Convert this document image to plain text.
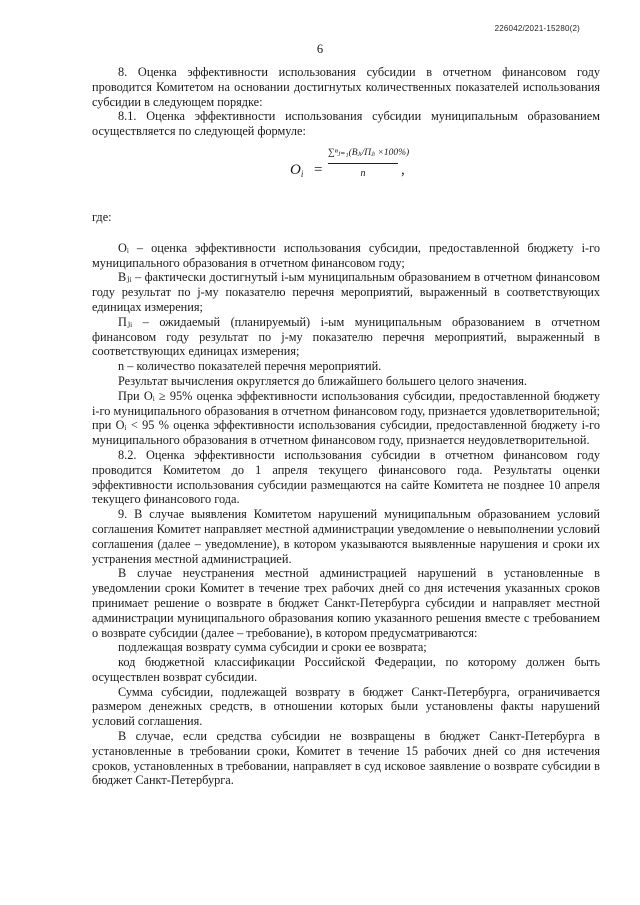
226042/2021-15280(2)
6

8. Оценка эффективности использования субсидии в отчетном финансовом году проводится Комитетом на основании достигнутых количественных показателей использования субсидии в следующем порядке:

8.1. Оценка эффективности использования субсидии муниципальным образованием осуществляется по следующей формуле:

$O_i$ =
∑ⁿⱼ₌₁(Bⱼᵢ/Пⱼᵢ ×100%)
n	,

где:

Оᵢ – оценка эффективности использования субсидии, предоставленной бюджету i-го муниципального образования в отчетном финансовом году;

Вⱼᵢ – фактически достигнутый i-ым муниципальным образованием в отчетном финансовом году результат по j-му показателю перечня мероприятий, выраженный в соответствующих единицах измерения;

Пⱼᵢ – ожидаемый (планируемый) i-ым муниципальным образованием в отчетном финансовом году результат по j-му показателю перечня мероприятий, выраженный в соответствующих единицах измерения;

n – количество показателей перечня мероприятий.

Результат вычисления округляется до ближайшего большего целого значения.

При Оᵢ ≥ 95% оценка эффективности использования субсидии, предоставленной бюджету i-го муниципального образования в отчетном финансовом году, признается удовлетворительной; при Оᵢ < 95 % оценка эффективности использования субсидии, предоставленной бюджету i-го муниципального образования в отчетном финансовом году, признается неудовлетворительной.

8.2. Оценка эффективности использования субсидии в отчетном финансовом году проводится Комитетом до 1 апреля текущего финансового года. Результаты оценки эффективности использования субсидии размещаются на сайте Комитета не позднее 10 апреля текущего финансового года.

9. В случае выявления Комитетом нарушений муниципальным образованием условий соглашения Комитет направляет местной администрации уведомление о невыполнении условий соглашения (далее – уведомление), в котором указываются выявленные нарушения и сроки их устранения местной администрацией.

В случае неустранения местной администрацией нарушений в установленные в уведомлении сроки Комитет в течение трех рабочих дней со дня истечения указанных сроков принимает решение о возврате в бюджет Санкт-Петербурга субсидии и направляет местной администрации муниципального образования копию указанного решения вместе с требованием о возврате субсидии (далее – требование), в котором предусматриваются:

подлежащая возврату сумма субсидии и сроки ее возврата;

код бюджетной классификации Российской Федерации, по которому должен быть осуществлен возврат субсидии.

Сумма субсидии, подлежащей возврату в бюджет Санкт-Петербурга, ограничивается размером денежных средств, в отношении которых были установлены факты нарушений условий соглашения.

В случае, если средства субсидии не возвращены в бюджет Санкт-Петербурга в установленные в требовании сроки, Комитет в течение 15 рабочих дней со дня истечения сроков, установленных в требовании, направляет в суд исковое заявление о возврате субсидии в бюджет Санкт-Петербурга.
